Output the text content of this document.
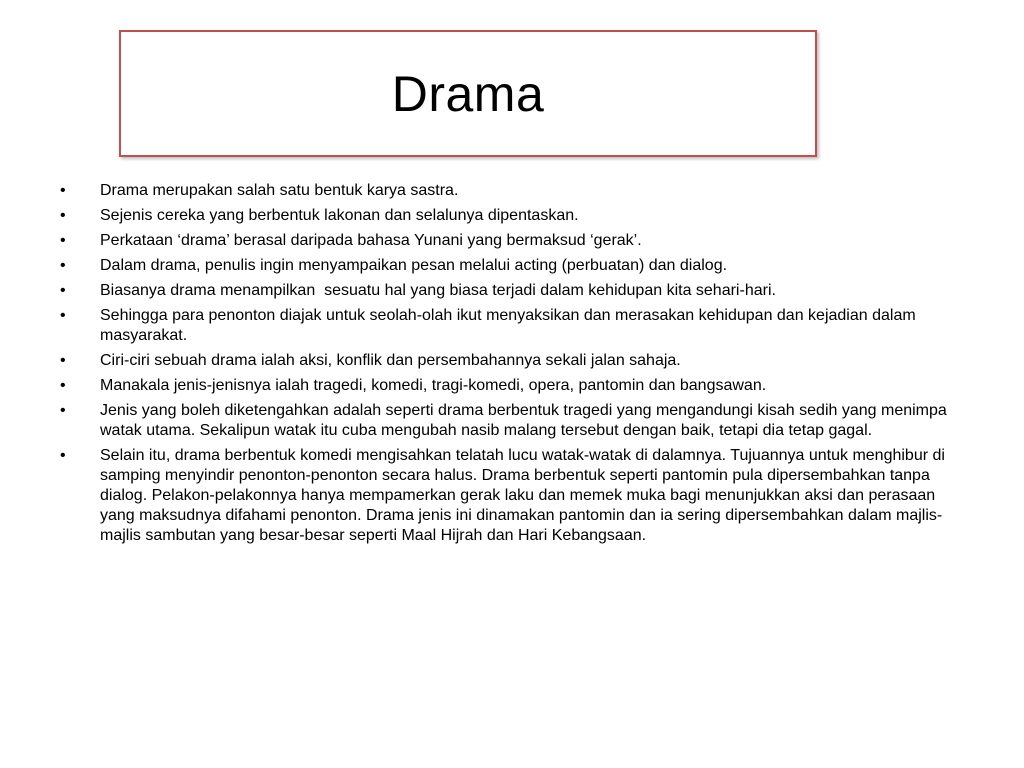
Drama
•	Drama merupakan salah satu bentuk karya sastra.
•	Sejenis cereka yang berbentuk lakonan dan selalunya dipentaskan.
•	Perkataan ‘drama’ berasal daripada bahasa Yunani yang bermaksud ‘gerak’.
•	Dalam drama, penulis ingin menyampaikan pesan melalui acting (perbuatan) dan dialog.
•	Biasanya drama menampilkan  sesuatu hal yang biasa terjadi dalam kehidupan kita sehari-hari.
•	Sehingga para penonton diajak untuk seolah-olah ikut menyaksikan dan merasakan kehidupan dan kejadian dalam masyarakat.
•	Ciri-ciri sebuah drama ialah aksi, konflik dan persembahannya sekali jalan sahaja.
•	Manakala jenis-jenisnya ialah tragedi, komedi, tragi-komedi, opera, pantomin dan bangsawan.
•	Jenis yang boleh diketengahkan adalah seperti drama berbentuk tragedi yang mengandungi kisah sedih yang menimpa watak utama. Sekalipun watak itu cuba mengubah nasib malang tersebut dengan baik, tetapi dia tetap gagal.
•	Selain itu, drama berbentuk komedi mengisahkan telatah lucu watak-watak di dalamnya. Tujuannya untuk menghibur di samping menyindir penonton-penonton secara halus. Drama berbentuk seperti pantomin pula dipersembahkan tanpa dialog. Pelakon-pelakonnya hanya mempamerkan gerak laku dan memek muka bagi menunjukkan aksi dan perasaan yang maksudnya difahami penonton. Drama jenis ini dinamakan pantomin dan ia sering dipersembahkan dalam majlis-majlis sambutan yang besar-besar seperti Maal Hijrah dan Hari Kebangsaan.
